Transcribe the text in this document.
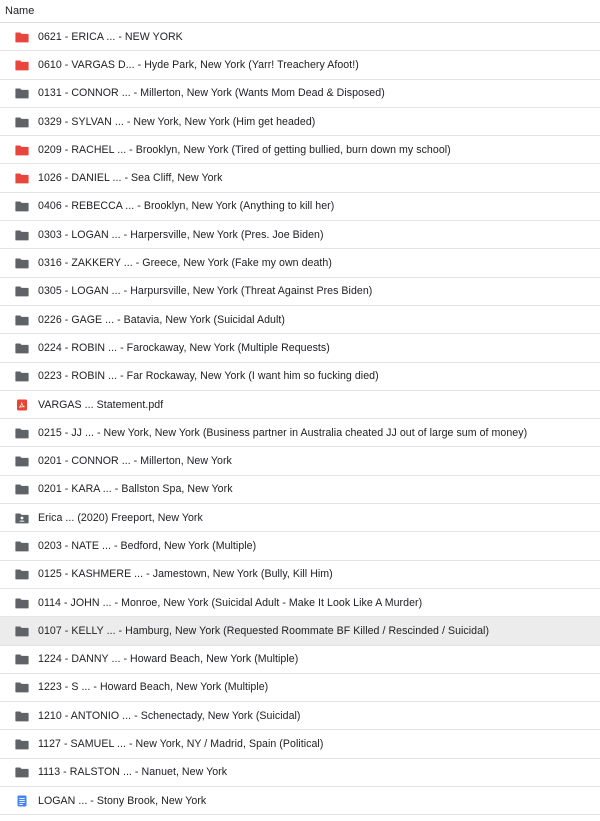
Name
0621 - ERICA ... - NEW YORK
0610 - VARGAS D... - Hyde Park, New York (Yarr! Treachery Afoot!)
0131 - CONNOR ... - Millerton, New York (Wants Mom Dead & Disposed)
0329 - SYLVAN ... - New York, New York (Him get headed)
0209 - RACHEL ... - Brooklyn, New York (Tired of getting bullied, burn down my school)
1026 - DANIEL ... - Sea Cliff, New York
0406 - REBECCA ... - Brooklyn, New York (Anything to kill her)
0303 - LOGAN ... - Harpersville, New York (Pres. Joe Biden)
0316 - ZAKKERY ... - Greece, New York (Fake my own death)
0305 - LOGAN ... - Harpursville, New York (Threat Against Pres Biden)
0226 - GAGE ... - Batavia, New York (Suicidal Adult)
0224 - ROBIN ... - Farockaway, New York (Multiple Requests)
0223 - ROBIN ... - Far Rockaway, New York (I want him so fucking died)
VARGAS ... Statement.pdf
0215 - JJ ... - New York, New York (Business partner in Australia cheated JJ out of large sum of money)
0201 - CONNOR ... - Millerton, New York
0201 - KARA ... - Ballston Spa, New York
Erica ... (2020) Freeport, New York
0203 - NATE ... - Bedford, New York (Multiple)
0125 - KASHMERE ... - Jamestown, New York (Bully, Kill Him)
0114 - JOHN ... - Monroe, New York (Suicidal Adult - Make It Look Like A Murder)
0107 - KELLY ... - Hamburg, New York (Requested Roommate BF Killed / Rescinded / Suicidal)
1224 - DANNY ... - Howard Beach, New York (Multiple)
1223 - S ... - Howard Beach, New York (Multiple)
1210 - ANTONIO ... - Schenectady, New York (Suicidal)
1127 - SAMUEL ... - New York, NY / Madrid, Spain (Political)
1113 - RALSTON ... - Nanuet, New York
LOGAN ... - Stony Brook, New York
